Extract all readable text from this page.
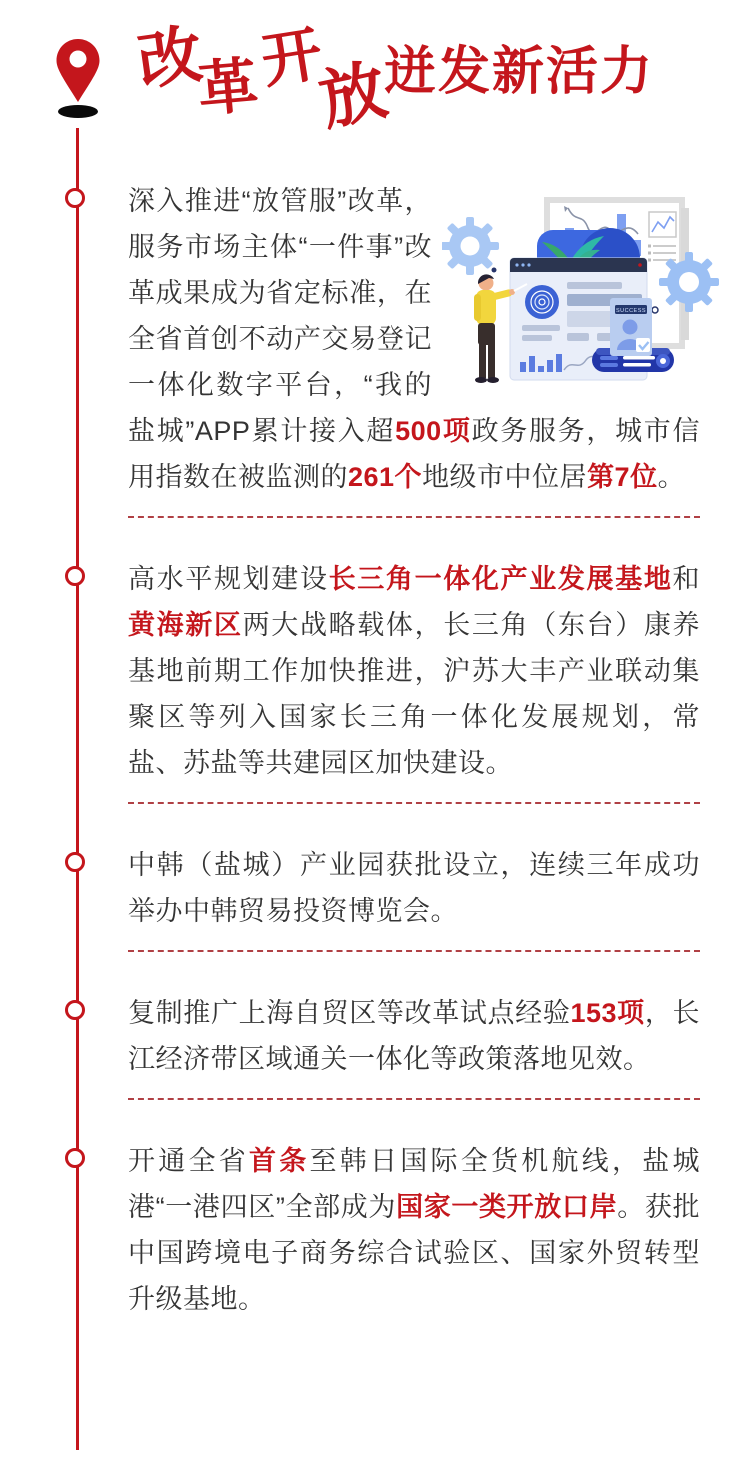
改革开放
迸发新活力

SUCCESS
深入推进“放管服”改革，服务市场主体“一件事”改革成果成为省定标准，在全省首创不动产交易登记一体化数字平台，“我的盐城”APP累计接入超500项政务服务，城市信用指数在被监测的261个地级市中位居第7位。

高水平规划建设长三角一体化产业发展基地和黄海新区两大战略载体，长三角（东台）康养基地前期工作加快推进，沪苏大丰产业联动集聚区等列入国家长三角一体化发展规划，常盐、苏盐等共建园区加快建设。

中韩（盐城）产业园获批设立，连续三年成功举办中韩贸易投资博览会。

复制推广上海自贸区等改革试点经验153项，长江经济带区域通关一体化等政策落地见效。

开通全省首条至韩日国际全货机航线，盐城港“一港四区”全部成为国家一类开放口岸。获批中国跨境电子商务综合试验区、国家外贸转型升级基地。
